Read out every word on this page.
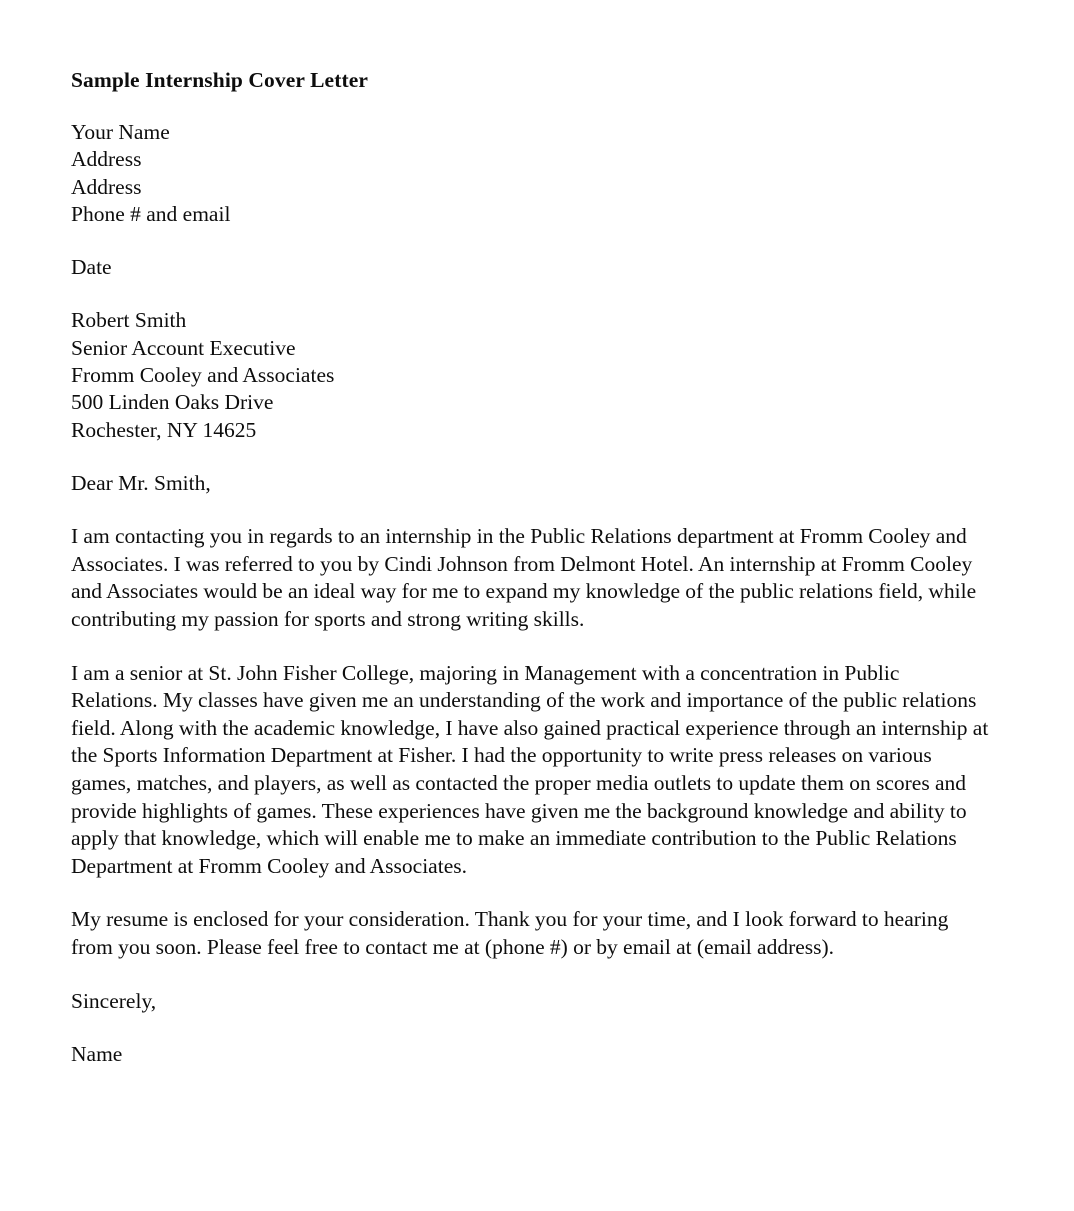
Sample Internship Cover Letter
Your Name
Address
Address
Phone # and email
Date
Robert Smith
Senior Account Executive
Fromm Cooley and Associates
500 Linden Oaks Drive
Rochester, NY 14625
Dear Mr. Smith,

I am contacting you in regards to an internship in the Public Relations department at Fromm Cooley and Associates. I was referred to you by Cindi Johnson from Delmont Hotel. An internship at Fromm Cooley and Associates would be an ideal way for me to expand my knowledge of the public relations field, while contributing my passion for sports and strong writing skills.

I am a senior at St. John Fisher College, majoring in Management with a concentration in Public Relations. My classes have given me an understanding of the work and importance of the public relations field. Along with the academic knowledge, I have also gained practical experience through an internship at the Sports Information Department at Fisher. I had the opportunity to write press releases on various games, matches, and players, as well as contacted the proper media outlets to update them on scores and provide highlights of games. These experiences have given me the background knowledge and ability to apply that knowledge, which will enable me to make an immediate contribution to the Public Relations Department at Fromm Cooley and Associates.

My resume is enclosed for your consideration. Thank you for your time, and I look forward to hearing from you soon. Please feel free to contact me at (phone #) or by email at (email address).

Sincerely,
Name
